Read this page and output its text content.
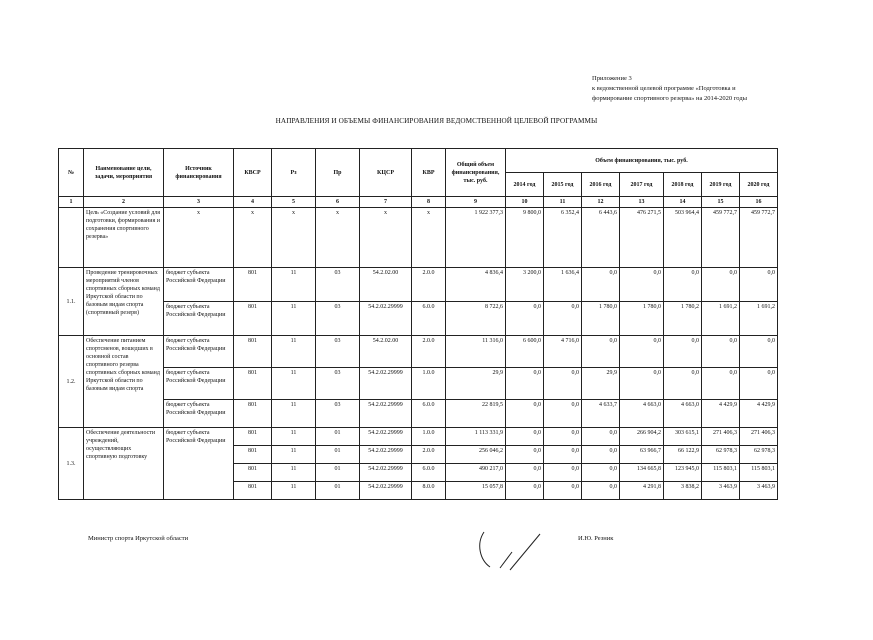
Приложение 3
к ведомственной целевой программе «Подготовка и
формирование спортивного резерва» на 2014-2020 годы
НАПРАВЛЕНИЯ И ОБЪЕМЫ ФИНАНСИРОВАНИЯ ВЕДОМСТВЕННОЙ ЦЕЛЕВОЙ ПРОГРАММЫ
№	Наименование цели, задачи, мероприятия	Источник финансирования	КВСР	Рз	Пр	КЦСР	КВР	Общий объем финансирования, тыс. руб.	Объем финансирования, тыс. руб.						
									2014 год	2015 год	2016 год	2017 год	2018 год	2019 год	2020 год
1	2	3	4	5	6	7	8	9	10	11	12	13	14	15	16
	Цель «Создание условий для подготовки, формирования и сохранения спортивного резерва»	х	х	х	х	х	х	1 922 377,3	9 800,0	6 352,4	6 443,6	476 271,5	503 964,4	459 772,7	459 772,7
1.1.	Проведение тренировочных мероприятий членов спортивных сборных команд Иркутской области по базовым видам спорта (спортивный резерв)	бюджет субъекта Российской Федерации	801	11	03	54.2.02.00	2.0.0	4 836,4	3 200,0	1 636,4	0,0	0,0	0,0	0,0	0,0
		бюджет субъекта Российской Федерации	801	11	03	54.2.02.29999	6.0.0	8 722,6	0,0	0,0	1 780,0	1 780,0	1 780,2	1 691,2	1 691,2
1.2.	Обеспечение питанием спортсменов, вошедших в основной состав спортивного резерва спортивных сборных команд Иркутской области по базовым видам спорта	бюджет субъекта Российской Федерации	801	11	03	54.2.02.00	2.0.0	11 316,0	6 600,0	4 716,0	0,0	0,0	0,0	0,0	0,0
		бюджет субъекта Российской Федерации	801	11	03	54.2.02.29999	1.0.0	29,9	0,0	0,0	29,9	0,0	0,0	0,0	0,0
		бюджет субъекта Российской Федерации	801	11	03	54.2.02.29999	6.0.0	22 819,5	0,0	0,0	4 633,7	4 663,0	4 663,0	4 429,9	4 429,9
1.3.	Обеспечение деятельности учреждений, осуществляющих спортивную подготовку	бюджет субъекта Российской Федерации	801	11	01	54.2.02.29999	1.0.0	1 113 331,9	0,0	0,0	0,0	266 904,2	303 615,1	271 406,3	271 406,3
			801	11	01	54.2.02.29999	2.0.0	256 046,2	0,0	0,0	0,0	63 966,7	66 122,9	62 978,3	62 978,3
			801	11	01	54.2.02.29999	6.0.0	490 217,0	0,0	0,0	0,0	134 665,8	123 945,0	115 803,1	115 803,1
			801	11	01	54.2.02.29999	8.0.0	15 057,8	0,0	0,0	0,0	4 291,8	3 838,2	3 463,9	3 463,9
Министр спорта Иркутской области	И.Ю. Резник
